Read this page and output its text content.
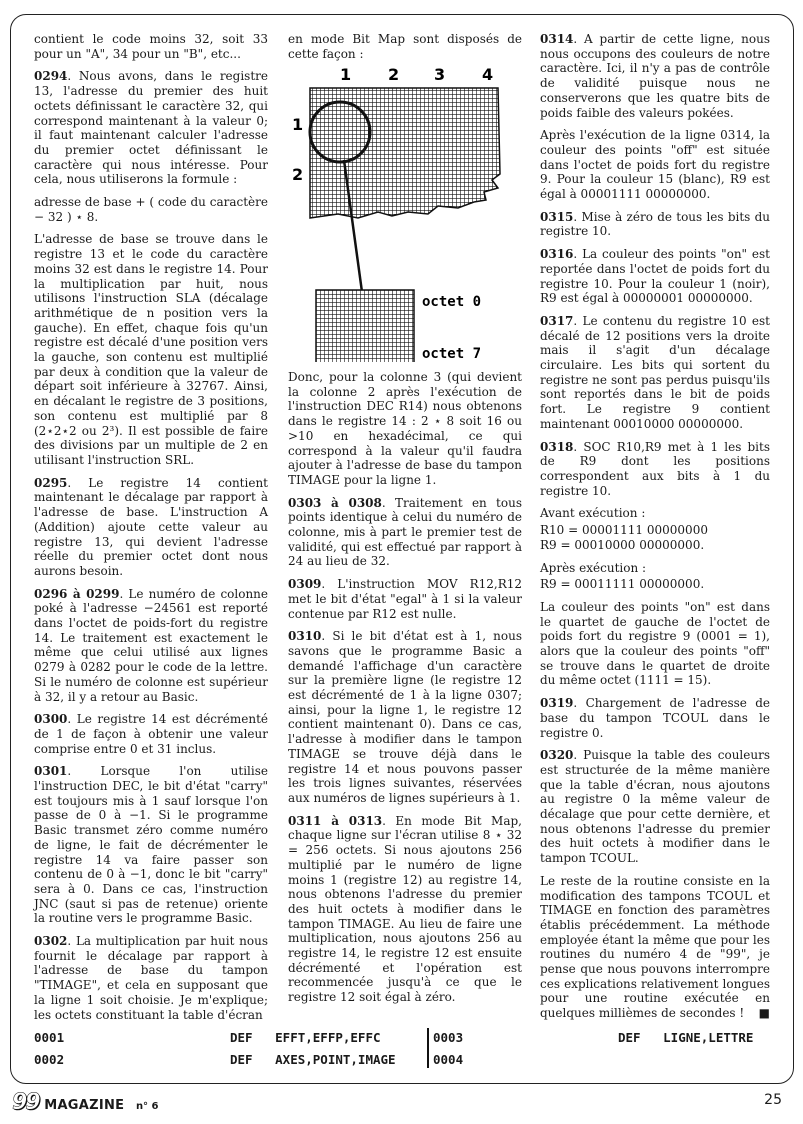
contient le code moins 32, soit 33 pour un "A", 34 pour un "B", etc...

0294. Nous avons, dans le registre 13, l'adresse du premier des huit octets définissant le caractère 32, qui correspond maintenant à la valeur 0; il faut maintenant calculer l'adresse du premier octet définissant le caractère qui nous intéresse. Pour cela, nous utiliserons la formule :

adresse de base + ( code du caractère − 32 ) ⋆ 8.

L'adresse de base se trouve dans le registre 13 et le code du caractère moins 32 est dans le registre 14. Pour la multiplication par huit, nous utilisons l'instruction SLA (décalage arithmétique de n position vers la gauche). En effet, chaque fois qu'un registre est décalé d'une position vers la gauche, son contenu est multiplié par deux à condition que la valeur de départ soit inférieure à 32767. Ainsi, en décalant le registre de 3 positions, son contenu est multiplié par 8 (2⋆2⋆2 ou 2³). Il est possible de faire des divisions par un multiple de 2 en utilisant l'instruction SRL.

0295. Le registre 14 contient maintenant le décalage par rapport à l'adresse de base. L'instruction A (Addition) ajoute cette valeur au registre 13, qui devient l'adresse réelle du premier octet dont nous aurons besoin.

0296 à 0299. Le numéro de colonne poké à l'adresse −24561 est reporté dans l'octet de poids-fort du registre 14. Le traitement est exactement le même que celui utilisé aux lignes 0279 à 0282 pour le code de la lettre. Si le numéro de colonne est supérieur à 32, il y a retour au Basic.

0300. Le registre 14 est décrémenté de 1 de façon à obtenir une valeur comprise entre 0 et 31 inclus.

0301. Lorsque l'on utilise l'instruction DEC, le bit d'état "carry" est toujours mis à 1 sauf lorsque l'on passe de 0 à −1. Si le programme Basic transmet zéro comme numéro de ligne, le fait de décrémenter le registre 14 va faire passer son contenu de 0 à −1, donc le bit "carry" sera à 0. Dans ce cas, l'instruction JNC (saut si pas de retenue) oriente la routine vers le programme Basic.

0302. La multiplication par huit nous fournit le décalage par rapport à l'adresse de base du tampon "TIMAGE", et cela en supposant que la ligne 1 soit choisie. Je m'explique; les octets constituant la table d'écran

en mode Bit Map sont disposés de cette façon :

1 2 3 4
1
2
octet 0
octet 7

Donc, pour la colonne 3 (qui devient la colonne 2 après l'exécution de l'instruction DEC R14) nous obtenons dans le registre 14 : 2 ⋆ 8 soit 16 ou >10 en hexadécimal, ce qui correspond à la valeur qu'il faudra ajouter à l'adresse de base du tampon TIMAGE pour la ligne 1.

0303 à 0308. Traitement en tous points identique à celui du numéro de colonne, mis à part le premier test de validité, qui est effectué par rapport à 24 au lieu de 32.

0309. L'instruction MOV R12,R12 met le bit d'état "egal" à 1 si la valeur contenue par R12 est nulle.

0310. Si le bit d'état est à 1, nous savons que le programme Basic a demandé l'affichage d'un caractère sur la première ligne (le registre 12 est décrémenté de 1 à la ligne 0307; ainsi, pour la ligne 1, le registre 12 contient maintenant 0). Dans ce cas, l'adresse à modifier dans le tampon TIMAGE se trouve déjà dans le registre 14 et nous pouvons passer les trois lignes suivantes, réservées aux numéros de lignes supérieurs à 1.

0311 à 0313. En mode Bit Map, chaque ligne sur l'écran utilise 8 ⋆ 32 = 256 octets. Si nous ajoutons 256 multiplié par le numéro de ligne moins 1 (registre 12) au registre 14, nous obtenons l'adresse du premier des huit octets à modifier dans le tampon TIMAGE. Au lieu de faire une multiplication, nous ajoutons 256 au registre 14, le registre 12 est ensuite décrémenté et l'opération est recommencée jusqu'à ce que le registre 12 soit égal à zéro.

0314. A partir de cette ligne, nous nous occupons des couleurs de notre caractère. Ici, il n'y a pas de contrôle de validité puisque nous ne conserverons que les quatre bits de poids faible des valeurs pokées.

Après l'exécution de la ligne 0314, la couleur des points "off" est située dans l'octet de poids fort du registre 9. Pour la couleur 15 (blanc), R9 est égal à 00001111 00000000.

0315. Mise à zéro de tous les bits du registre 10.

0316. La couleur des points "on" est reportée dans l'octet de poids fort du registre 10. Pour la couleur 1 (noir), R9 est égal à 00000001 00000000.

0317. Le contenu du registre 10 est décalé de 12 positions vers la droite mais il s'agit d'un décalage circulaire. Les bits qui sortent du registre ne sont pas perdus puisqu'ils sont reportés dans le bit de poids fort. Le registre 9 contient maintenant 00010000 00000000.

0318. SOC R10,R9 met à 1 les bits de R9 dont les positions correspondent aux bits à 1 du registre 10.

Avant exécution :

R10 = 00001111 00000000

R9 = 00010000 00000000.

Après exécution :

R9 = 00011111 00000000.

La couleur des points "on" est dans le quartet de gauche de l'octet de poids fort du registre 9 (0001 = 1), alors que la couleur des points "off" se trouve dans le quartet de droite du même octet (1111 = 15).

0319. Chargement de l'adresse de base du tampon TCOUL dans le registre 0.

0320. Puisque la table des couleurs est structurée de la même manière que la table d'écran, nous ajoutons au registre 0 la même valeur de décalage que pour cette dernière, et nous obtenons l'adresse du premier des huit octets à modifier dans le tampon TCOUL.

Le reste de la routine consiste en la modification des tampons TCOUL et TIMAGE en fonction des paramètres établis précédemment. La méthode employée étant la même que pour les routines du numéro 4 de "99", je pense que nous pouvons interrompre ces explications relativement longues pour une routine exécutée en quelques millièmes de secondes ! ■

0001	DEF   EFFT,EFFP,EFFC
0002	DEF   AXES,POINT,IMAGE
0003	DEF   LIGNE,LETTRE
0004
99 MAGAZINE n° 6	25
